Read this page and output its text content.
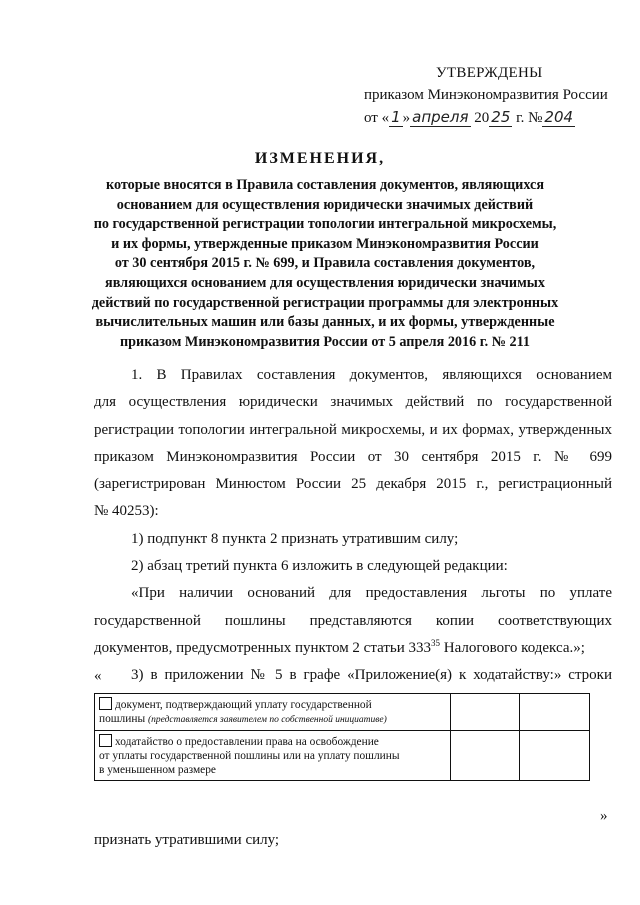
УТВЕРЖДЕНЫ
приказом Минэкономразвития России
от « 1 » апреля 20 25 г. № 204
ИЗМЕНЕНИЯ,
которые вносятся в Правила составления документов, являющихся
основанием для осуществления юридически значимых действий
по государственной регистрации топологии интегральной микросхемы,
и их формы, утвержденные приказом Минэкономразвития России
от 30 сентября 2015 г. № 699, и Правила составления документов,
являющихся основанием для осуществления юридически значимых
действий по государственной регистрации программы для электронных
вычислительных машин или базы данных, и их формы, утвержденные
приказом Минэкономразвития России от 5 апреля 2016 г. № 211

1. В Правилах составления документов, являющихся основанием
для осуществления юридически значимых действий по государственной
регистрации топологии интегральной микросхемы, и их формах, утвержденных
приказом Минэкономразвития России от 30 сентября 2015 г. № 699
(зарегистрирован Минюстом России 25 декабря 2015 г., регистрационный
№ 40253):

1) подпункт 8 пункта 2 признать утратившим силу;

2) абзац третий пункта 6 изложить в следующей редакции:

«При наличии оснований для предоставления льготы по уплате
государственной пошлины представляются копии соответствующих
документов, предусмотренных пунктом 2 статьи $333^{35}$ Налогового кодекса.»;

3) в приложении № 5 в графе «Приложение(я) к ходатайству:» строки

«
документ, подтверждающий уплату государственной
пошлины (представляется заявителем по собственной инициативе)		
ходатайство о предоставлении права на освобождение
от уплаты государственной пошлины или на уплату пошлины
в уменьшенном размере		
»
признать утратившими силу;
